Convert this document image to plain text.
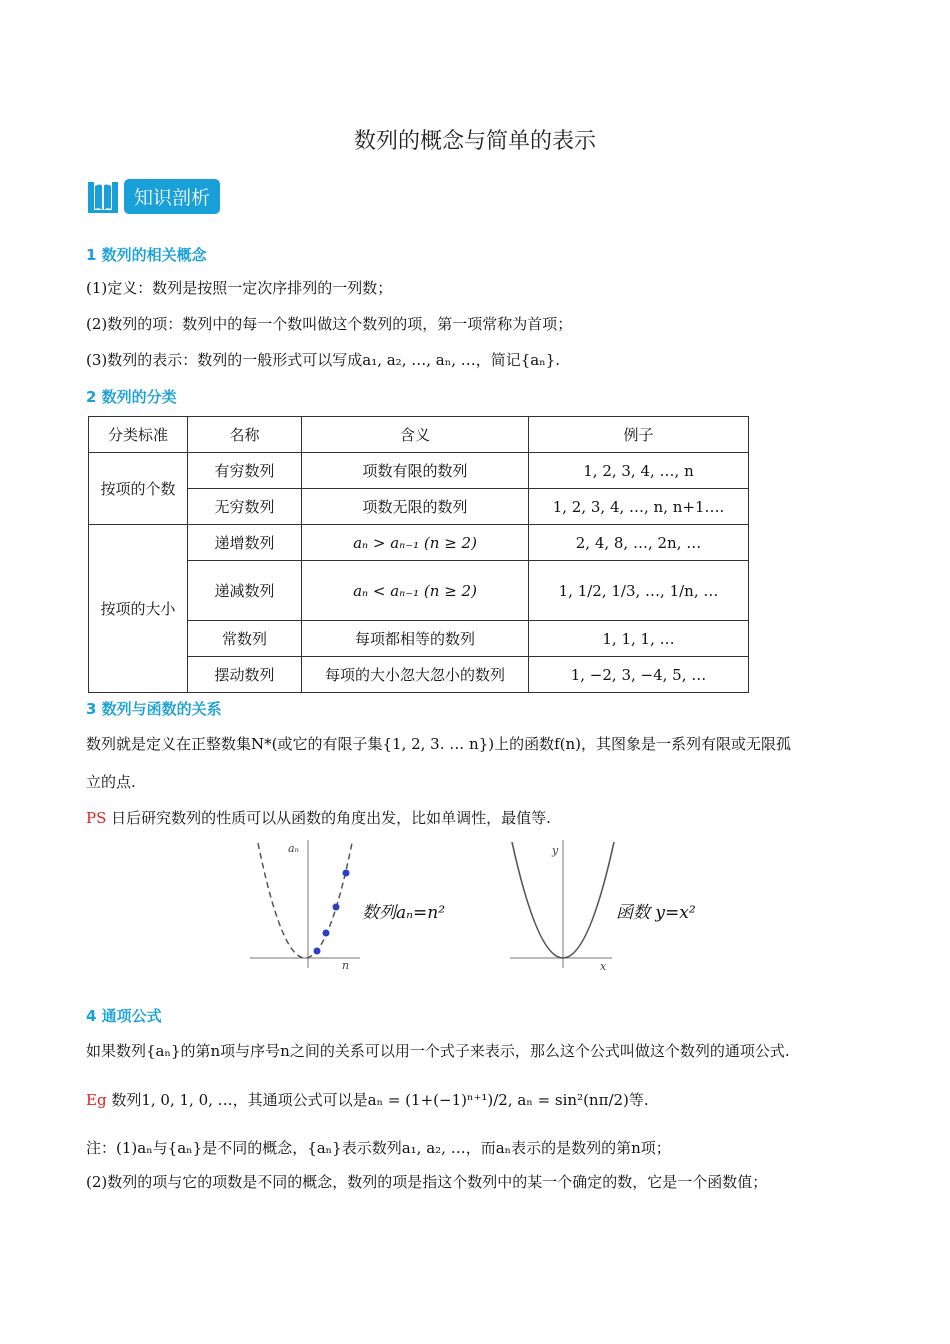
数列的概念与简单的表示
知识剖析
1 数列的相关概念
(1)定义：数列是按照一定次序排列的一列数；
(2)数列的项：数列中的每一个数叫做这个数列的项，第一项常称为首项；
(3)数列的表示：数列的一般形式可以写成a₁, a₂, …, aₙ, …，简记{aₙ}.
2 数列的分类
分类标准	名称	含义	例子
按项的个数	有穷数列	项数有限的数列	1, 2, 3, 4, …, n
	无穷数列	项数无限的数列	1, 2, 3, 4, …, n, n+1….
按项的大小	递增数列	aₙ > aₙ₋₁ (n ≥ 2)	2, 4, 8, …, 2n, …
	递减数列	aₙ < aₙ₋₁ (n ≥ 2)	1, 1/2, 1/3, …, 1/n, …
	常数列	每项都相等的数列	1, 1, 1, …
	摆动数列	每项的大小忽大忽小的数列	1, −2, 3, −4, 5, …
3 数列与函数的关系
数列就是定义在正整数集N*(或它的有限子集{1, 2, 3. … n})上的函数f(n)，其图象是一系列有限或无限孤
立的点.
PS 日后研究数列的性质可以从函数的角度出发，比如单调性，最值等.
aₙ
n
数列aₙ=n²
y
x
函数 y=x²
4 通项公式
如果数列{aₙ}的第n项与序号n之间的关系可以用一个式子来表示，那么这个公式叫做这个数列的通项公式.
Eg 数列1, 0, 1, 0, …，其通项公式可以是aₙ = (1+(−1)ⁿ⁺¹)/2, aₙ = sin²(nπ/2)等.
注：(1)aₙ与{aₙ}是不同的概念，{aₙ}表示数列a₁, a₂, …，而aₙ表示的是数列的第n项；
(2)数列的项与它的项数是不同的概念，数列的项是指这个数列中的某一个确定的数，它是一个函数值；
